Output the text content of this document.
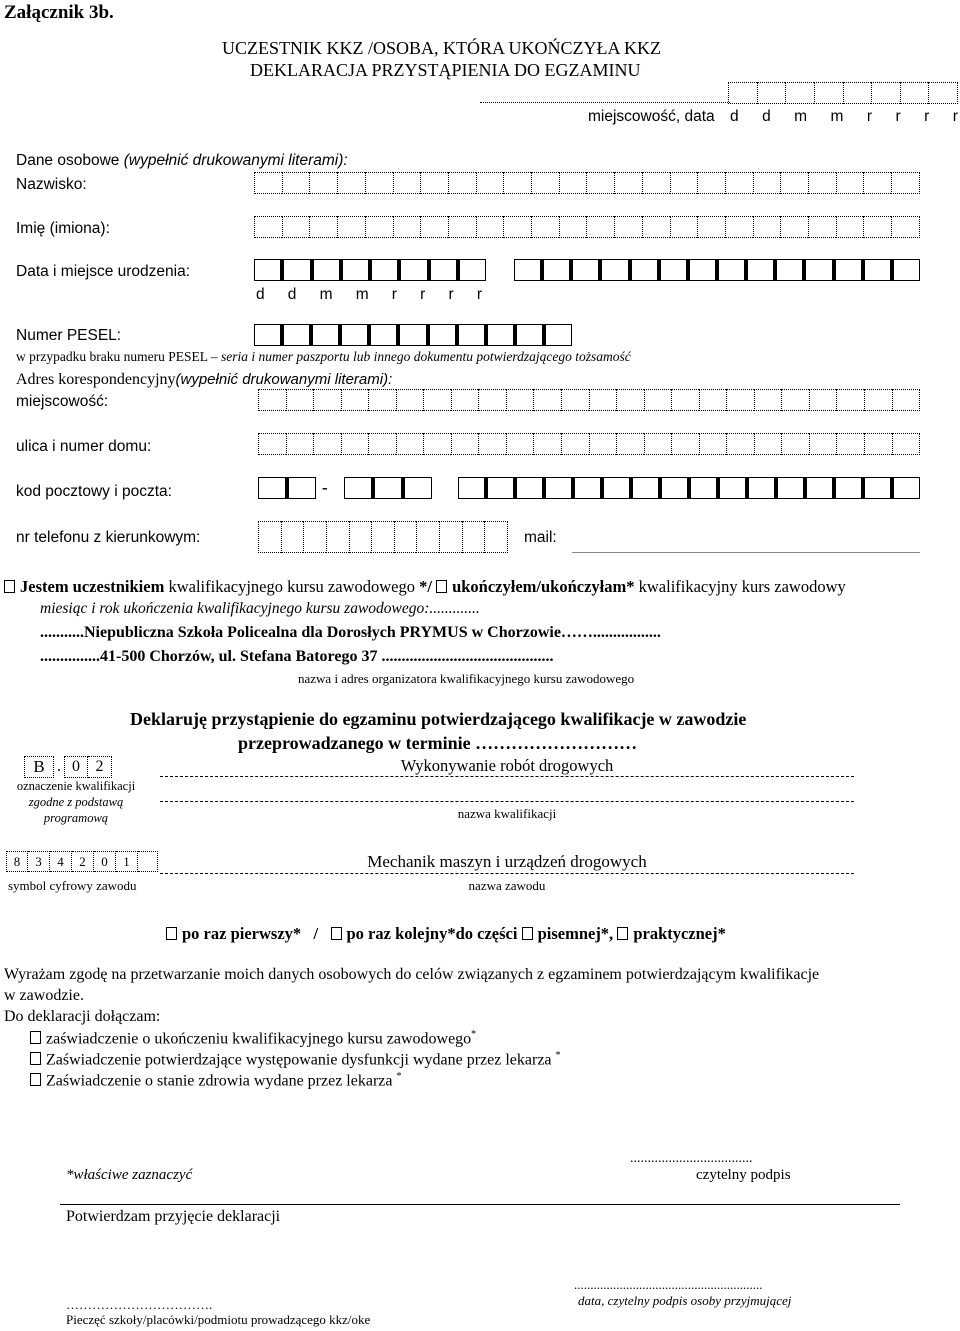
Załącznik 3b.
UCZESTNIK KKZ /OSOBA, KTÓRA UKOŃCZYŁA KKZ
DEKLARACJA PRZYSTĄPIENIA DO EGZAMINU
miejscowość, data d d m m r r r r
Dane osobowe (wypełnić drukowanymi literami):
Nazwisko:
Imię (imiona):
Data i miejsce urodzenia:
d d m m r r r r
Numer PESEL:
w przypadku braku numeru PESEL – seria i numer paszportu lub innego dokumentu potwierdzającego tożsamość
Adres korespondencyjny(wypełnić drukowanymi literami):
miejscowość:
ulica i numer domu:
kod pocztowy i poczta:	-
nr telefonu z kierunkowym:	mail:
Jestem uczestnikiem kwalifikacyjnego kursu zawodowego */ ukończyłem/ukończyłam* kwalifikacyjny kurs zawodowy
miesiąc i rok ukończenia kwalifikacyjnego kursu zawodowego:.............
...........Niepubliczna Szkoła Policealna dla Dorosłych PRYMUS w Chorzowie…….................
...............41-500 Chorzów, ul. Stefana Batorego 37 ...........................................
nazwa i adres organizatora kwalifikacyjnego kursu zawodowego
Deklaruję przystąpienie do egzaminu potwierdzającego kwalifikacje w zawodzie
przeprowadzanego w terminie ………………………
B . 0 2
oznaczenie kwalifikacji
zgodne z podstawą
programową
Wykonywanie robót drogowych
nazwa kwalifikacji
8	3	4	2	0	1
symbol cyfrowy zawodu
Mechanik maszyn i urządzeń drogowych
nazwa zawodu
po raz pierwszy* / po raz kolejny*do części pisemnej*, praktycznej*
Wyrażam zgodę na przetwarzanie moich danych osobowych do celów związanych z egzaminem potwierdzającym kwalifikacje
w zawodzie.
Do deklaracji dołączam:
zaświadczenie o ukończeniu kwalifikacyjnego kursu zawodowego*
Zaświadczenie potwierdzające występowanie dysfunkcji wydane przez lekarza *
Zaświadczenie o stanie zdrowia wydane przez lekarza *
...................................
*właściwe zaznaczyć	czytelny podpis
Potwierdzam przyjęcie deklaracji
..........................................................
data, czytelny podpis osoby przyjmującej
…………………………….
Pieczęć szkoły/placówki/podmiotu prowadzącego kkz/oke
